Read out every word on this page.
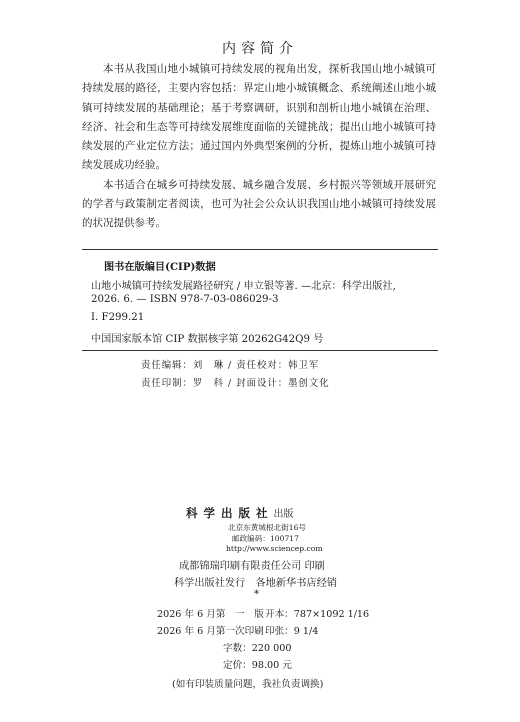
内容简介

本书从我国山地小城镇可持续发展的视角出发，探析我国山地小城镇可持续发展的路径，主要内容包括：界定山地小城镇概念、系统阐述山地小城镇可持续发展的基础理论；基于考察调研，识别和剖析山地小城镇在治理、经济、社会和生态等可持续发展维度面临的关键挑战；提出山地小城镇可持续发展的产业定位方法；通过国内外典型案例的分析，提炼山地小城镇可持续发展成功经验。

本书适合在城乡可持续发展、城乡融合发展、乡村振兴等领域开展研究的学者与政策制定者阅读，也可为社会公众认识我国山地小城镇可持续发展的状况提供参考。

图书在版编目(CIP)数据
山地小城镇可持续发展路径研究 / 申立银等著. —北京：科学出版社,
2026. 6. — ISBN 978-7-03-086029-3
Ⅰ. F299.21
中国国家版本馆 CIP 数据核字第 20262G42Q9 号
责任编辑：刘　琳 / 责任校对：韩卫军
责任印制：罗　科 / 封面设计：墨创文化
科学出版社出版
北京东黄城根北街16号
邮政编码：100717
http://www.sciencep.com
成都锦瑞印刷有限责任公司 印刷
科学出版社发行　各地新华书店经销
*
2026 年 6 月第　一　版 开本：787×1092 1/16
2026 年 6 月第一次印刷 印张：9 1/4
字数：220 000
定价：98.00 元
(如有印装质量问题，我社负责调换)
